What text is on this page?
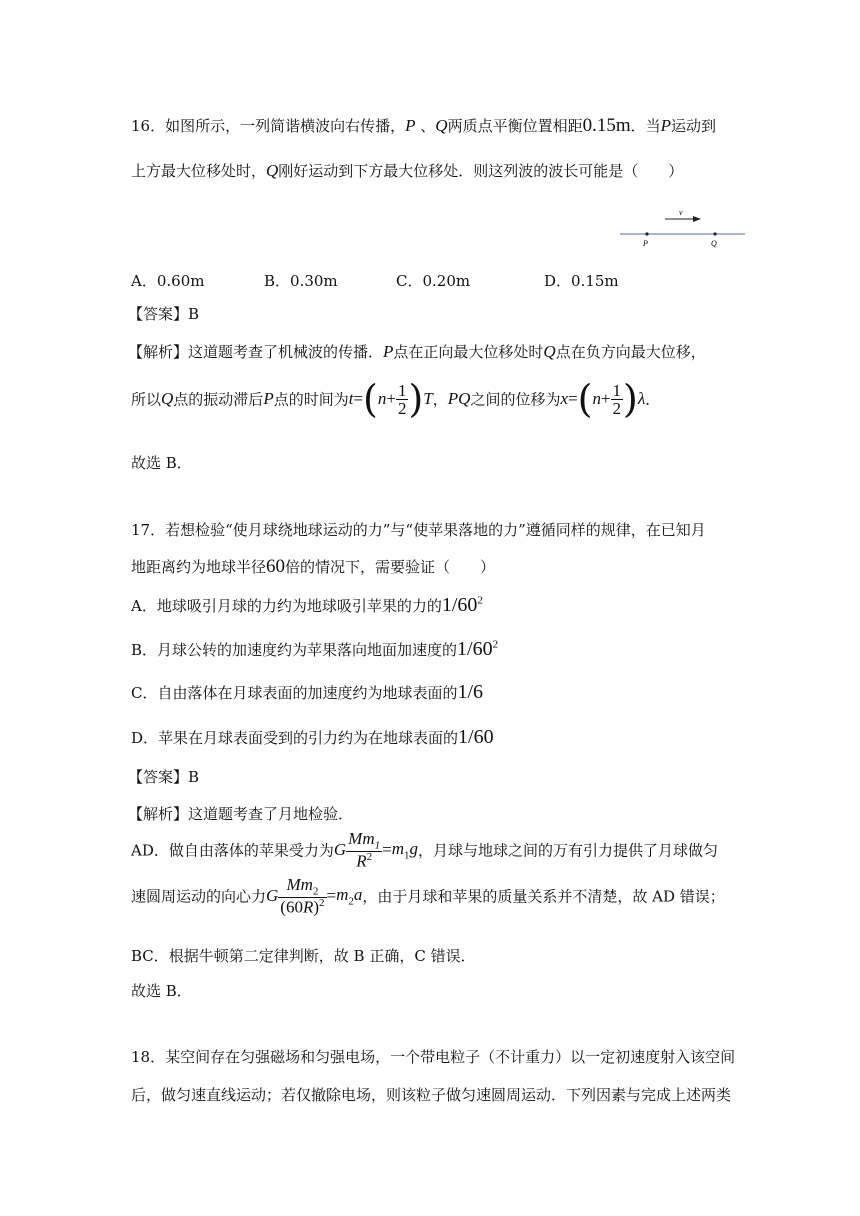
16．如图所示，一列简谐横波向右传播，P 、Q两质点平衡位置相距0.15m．当P运动到
上方最大位移处时，Q刚好运动到下方最大位移处．则这列波的波长可能是（　　）
v
P	Q
A．0.60m	B．0.30m	C．0.20m	D．0.15m
【答案】B
【解析】这道题考查了机械波的传播．P点在正向最大位移处时Q点在负方向最大位移，
所以Q点的振动滞后P点的时间为$t=(n+ \frac{1}{2} )T$，PQ之间的位移为$x=(n+ \frac{1}{2} )\lambda$．
故选 B．
17．若想检验“使月球绕地球运动的力”与“使苹果落地的力”遵循同样的规律，在已知月
地距离约为地球半径60倍的情况下，需要验证（　　）
A．地球吸引月球的力约为地球吸引苹果的力的$1/60^2$
B．月球公转的加速度约为苹果落向地面加速度的$1/60^2$
C．自由落体在月球表面的加速度约为地球表面的1/6
D．苹果在月球表面受到的引力约为在地球表面的1/60
【答案】B
【解析】这道题考查了月地检验．
AD．做自由落体的苹果受力为G $\frac{Mm_1}{R^2} =m_1g$，月球与地球之间的万有引力提供了月球做匀
速圆周运动的向心力G $\frac{Mm_2}{(60R)^2} =m_2a$，由于月球和苹果的质量关系并不清楚，故 AD 错误；
BC．根据牛顿第二定律判断，故 B 正确，C 错误．
故选 B．
18．某空间存在匀强磁场和匀强电场，一个带电粒子（不计重力）以一定初速度射入该空间
后，做匀速直线运动；若仅撤除电场，则该粒子做匀速圆周运动．下列因素与完成上述两类
